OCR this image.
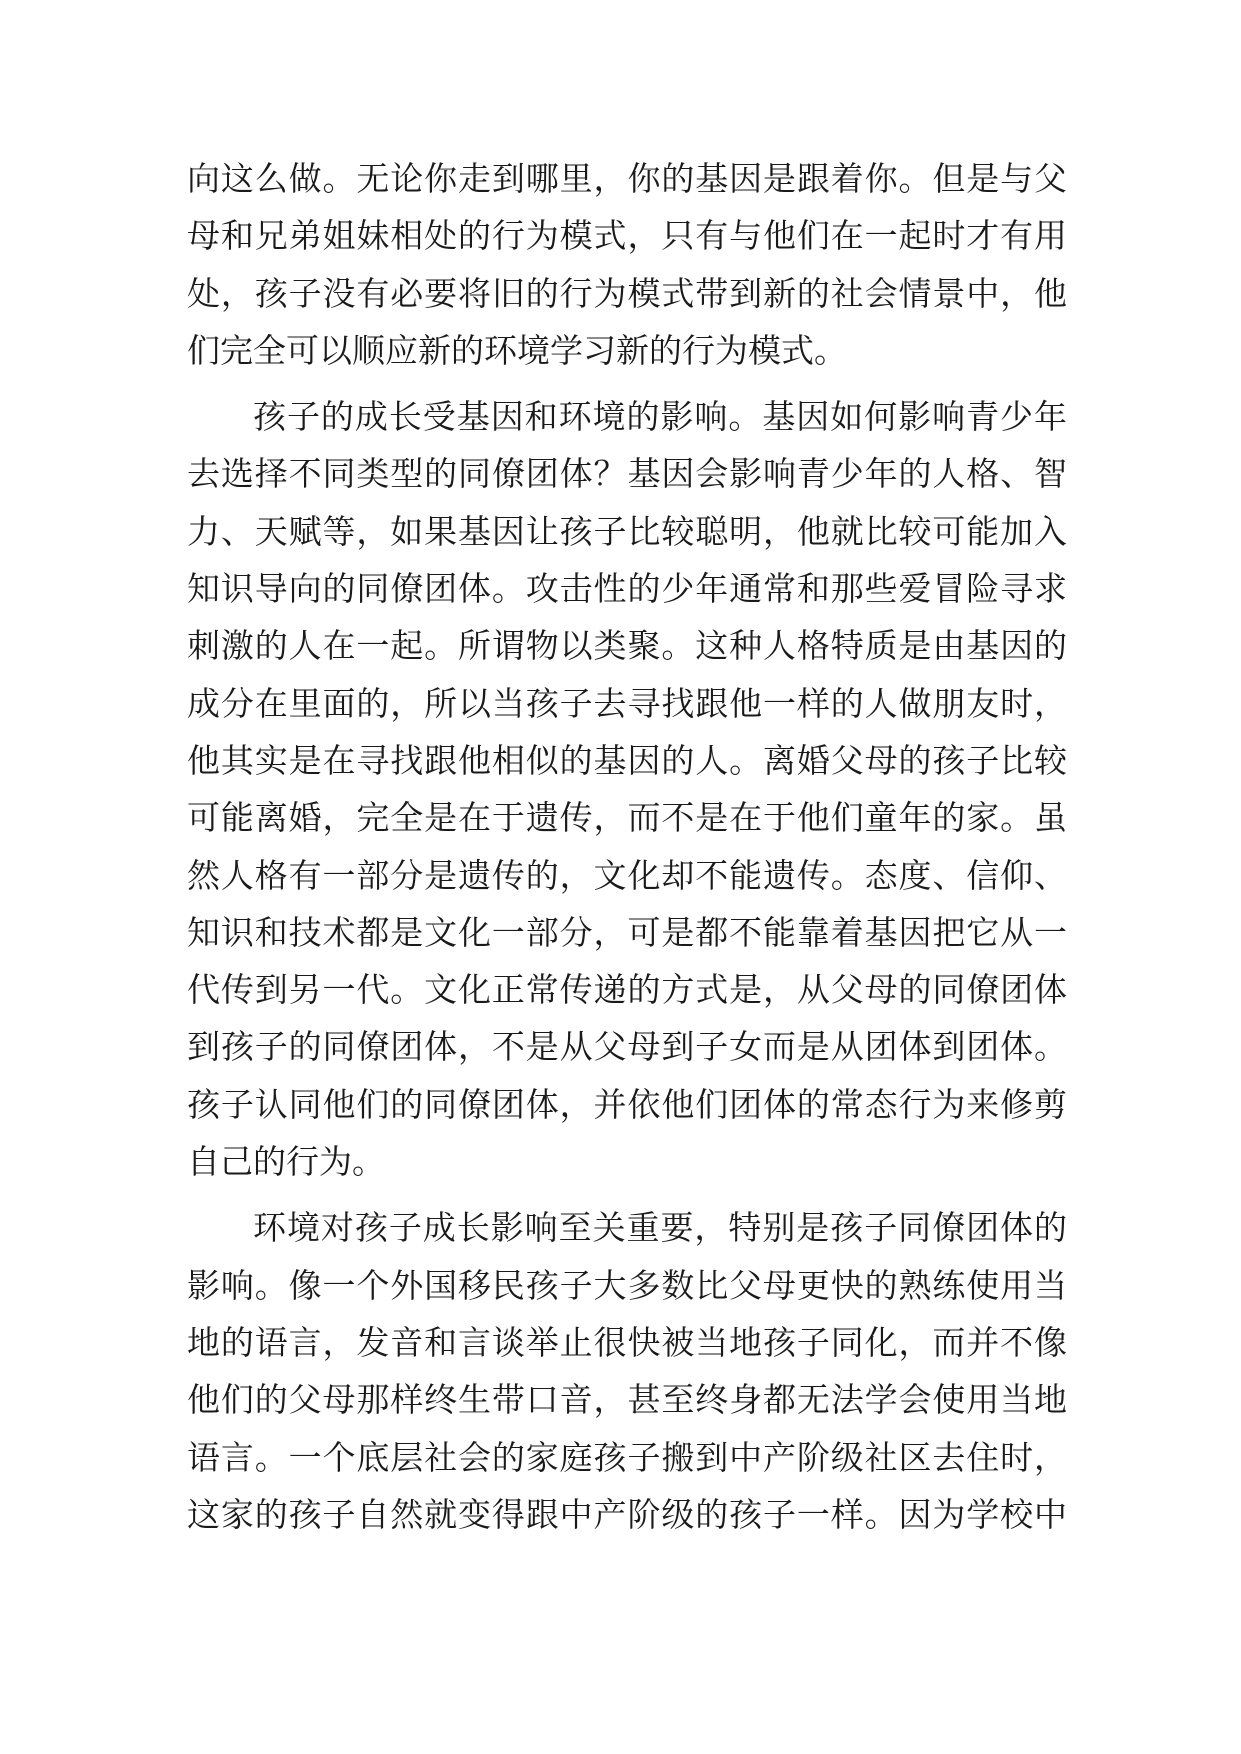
向这么做。无论你走到哪里，你的基因是跟着你。但是与父
母和兄弟姐妹相处的行为模式，只有与他们在一起时才有用
处，孩子没有必要将旧的行为模式带到新的社会情景中，他
们完全可以顺应新的环境学习新的行为模式。
孩子的成长受基因和环境的影响。基因如何影响青少年
去选择不同类型的同僚团体？基因会影响青少年的人格、智
力、天赋等，如果基因让孩子比较聪明，他就比较可能加入
知识导向的同僚团体。攻击性的少年通常和那些爱冒险寻求
刺激的人在一起。所谓物以类聚。这种人格特质是由基因的
成分在里面的，所以当孩子去寻找跟他一样的人做朋友时，
他其实是在寻找跟他相似的基因的人。离婚父母的孩子比较
可能离婚，完全是在于遗传，而不是在于他们童年的家。虽
然人格有一部分是遗传的，文化却不能遗传。态度、信仰、
知识和技术都是文化一部分，可是都不能靠着基因把它从一
代传到另一代。文化正常传递的方式是，从父母的同僚团体
到孩子的同僚团体，不是从父母到子女而是从团体到团体。
孩子认同他们的同僚团体，并依他们团体的常态行为来修剪
自己的行为。
环境对孩子成长影响至关重要，特别是孩子同僚团体的
影响。像一个外国移民孩子大多数比父母更快的熟练使用当
地的语言，发音和言谈举止很快被当地孩子同化，而并不像
他们的父母那样终生带口音，甚至终身都无法学会使用当地
语言。一个底层社会的家庭孩子搬到中产阶级社区去住时，
这家的孩子自然就变得跟中产阶级的孩子一样。因为学校中
